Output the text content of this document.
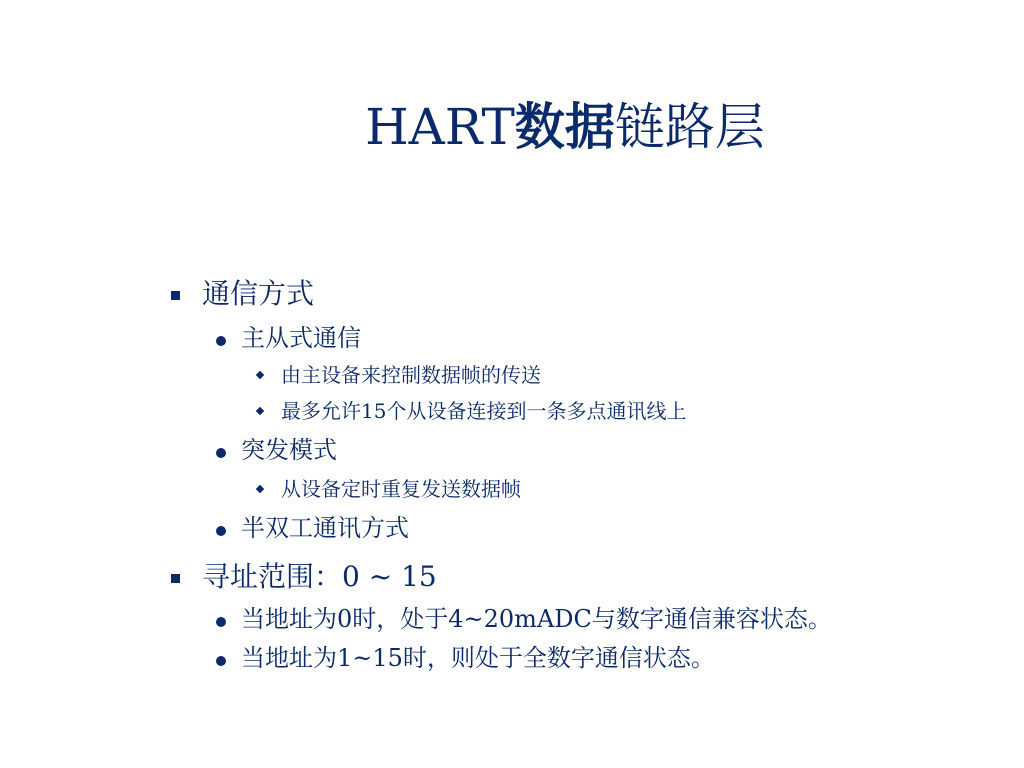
HART数据链路层
通信方式
主从式通信
由主设备来控制数据帧的传送
最多允许15个从设备连接到一条多点通讯线上
突发模式
从设备定时重复发送数据帧
半双工通讯方式
寻址范围：0 ~ 15
当地址为0时，处于4~20mADC与数字通信兼容状态。
当地址为1~15时，则处于全数字通信状态。
